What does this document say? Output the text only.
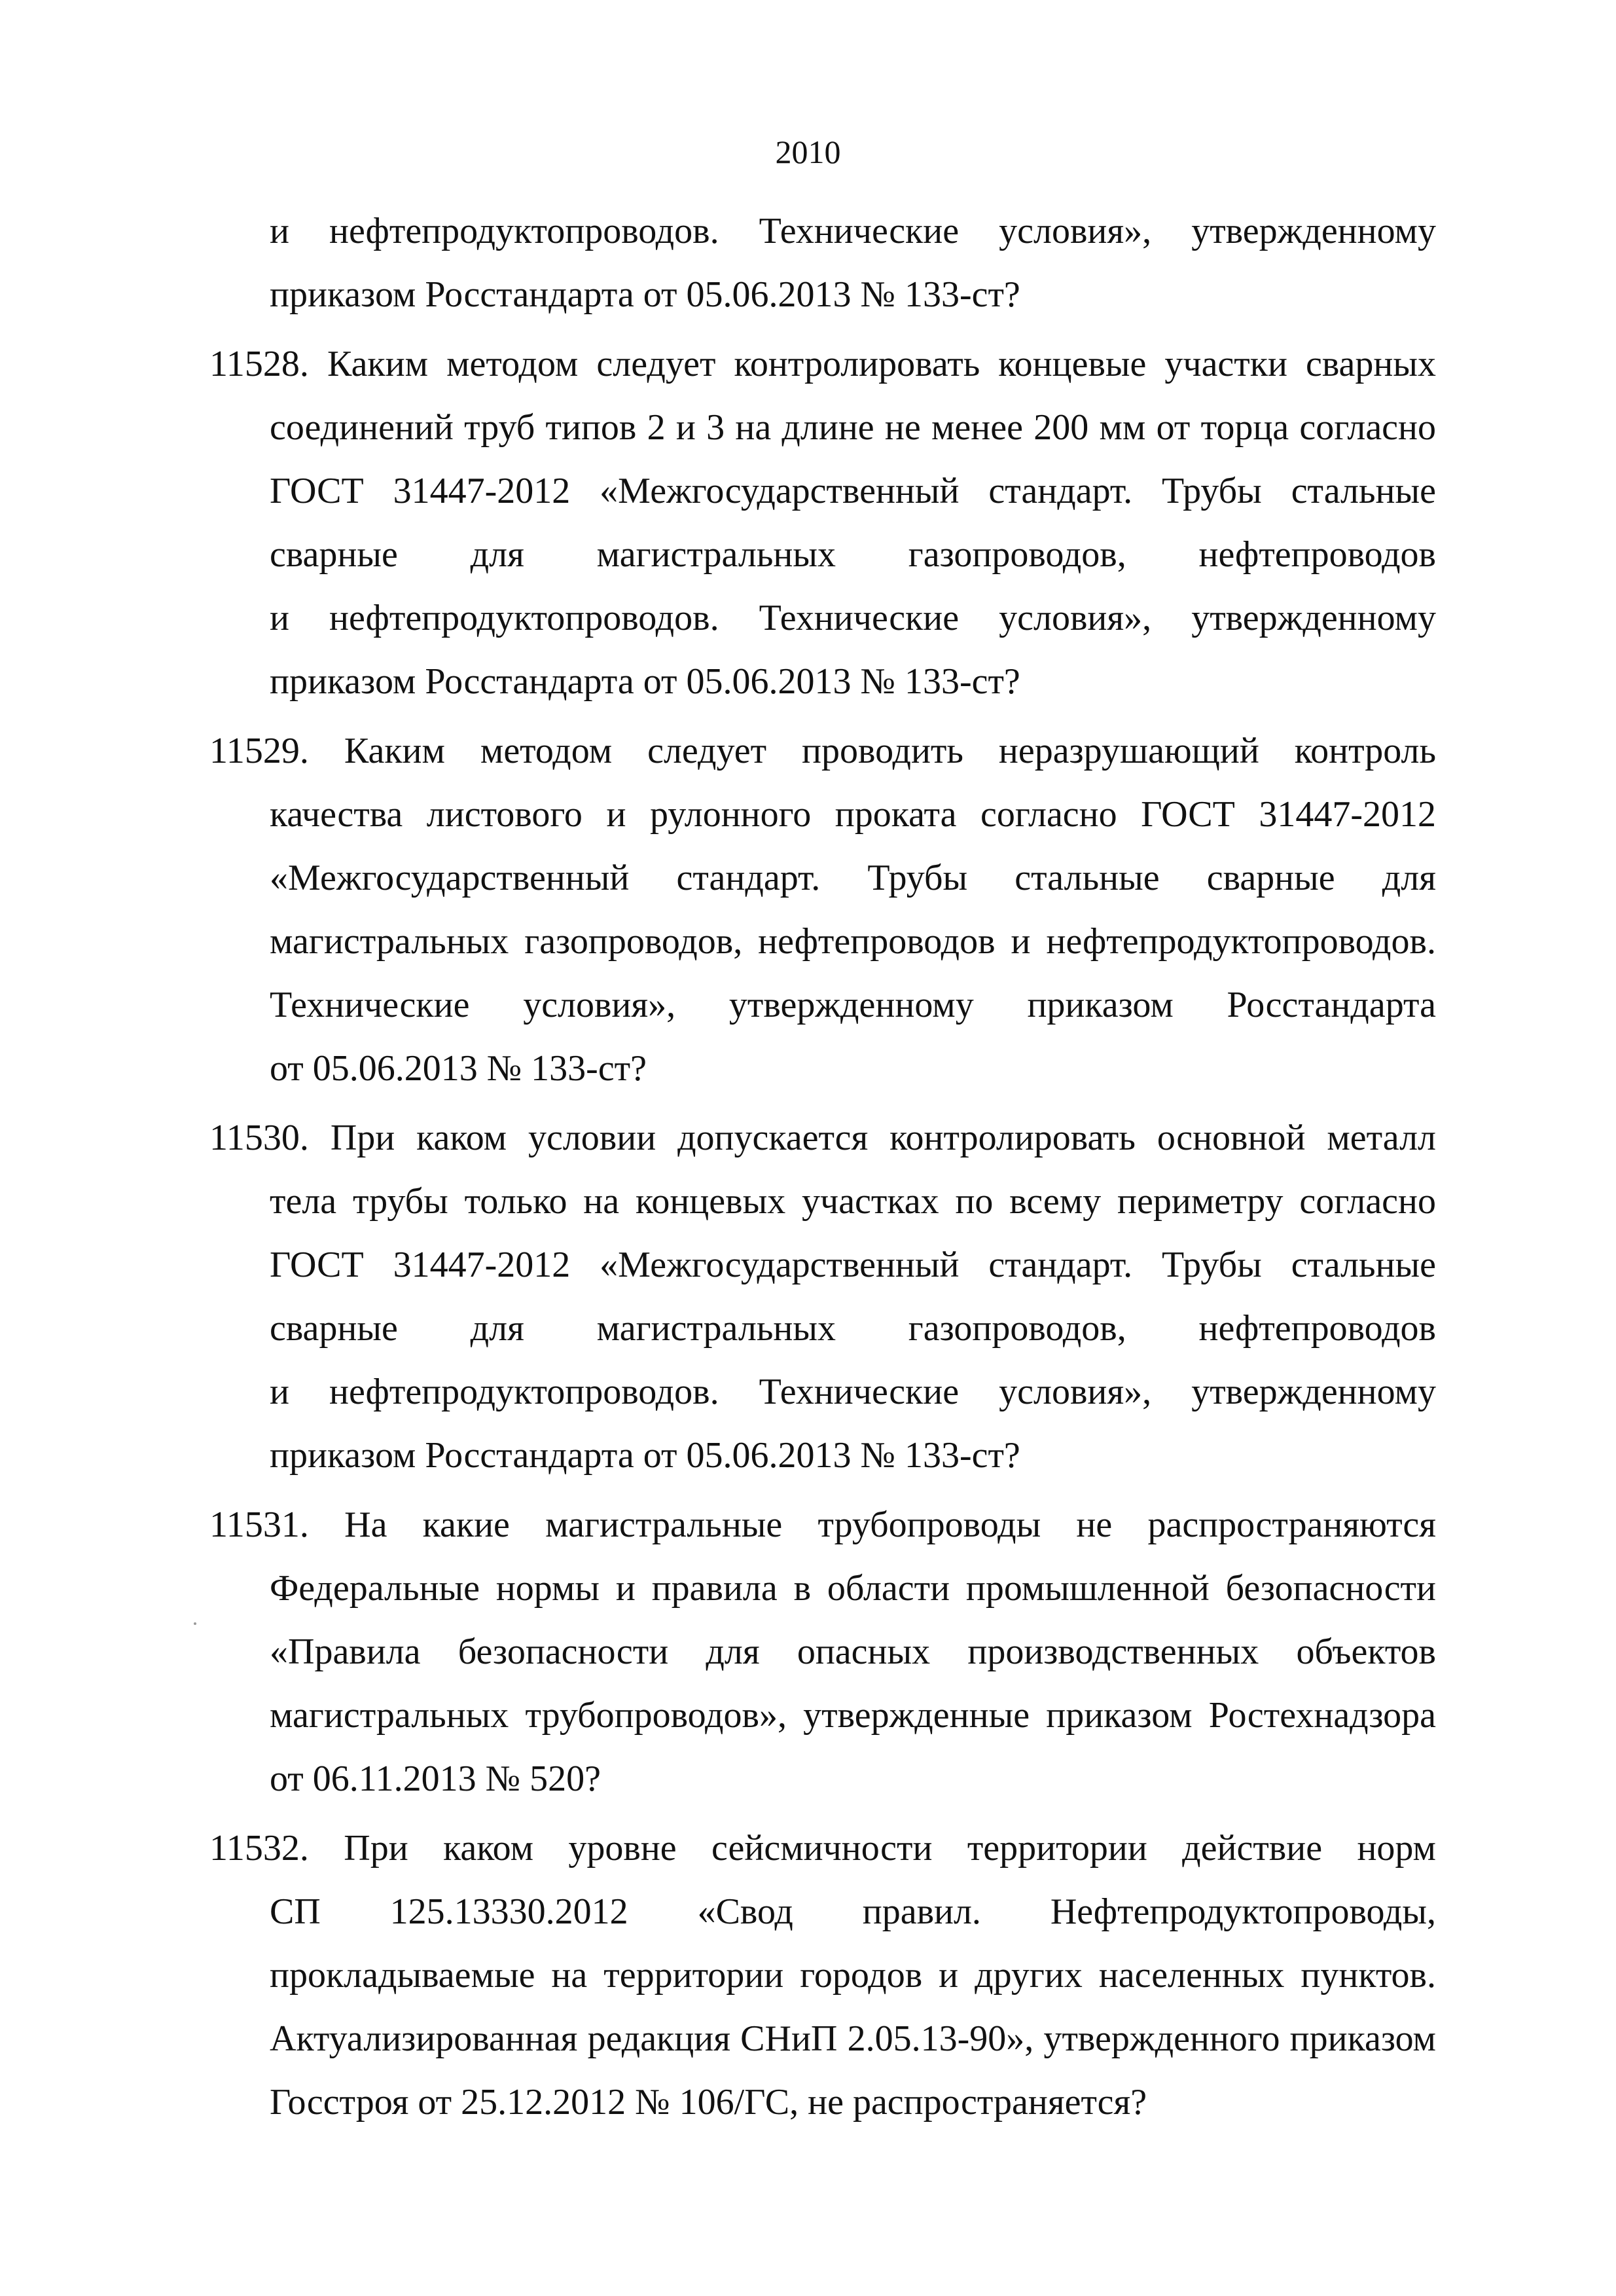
2010
и нефтепродуктопроводов. Технические условия», утвержденному
приказом Росстандарта от 05.06.2013 № 133-ст?
11528. Каким методом следует контролировать концевые участки сварных
соединений труб типов 2 и 3 на длине не менее 200 мм от торца согласно
ГОСТ 31447-2012 «Межгосударственный стандарт. Трубы стальные
сварные для магистральных газопроводов, нефтепроводов
и нефтепродуктопроводов. Технические условия», утвержденному
приказом Росстандарта от 05.06.2013 № 133-ст?
11529. Каким методом следует проводить неразрушающий контроль
качества листового и рулонного проката согласно ГОСТ 31447-2012
«Межгосударственный стандарт. Трубы стальные сварные для
магистральных газопроводов, нефтепроводов и нефтепродуктопроводов.
Технические условия», утвержденному приказом Росстандарта
от 05.06.2013 № 133-ст?
11530. При каком условии допускается контролировать основной металл
тела трубы только на концевых участках по всему периметру согласно
ГОСТ 31447-2012 «Межгосударственный стандарт. Трубы стальные
сварные для магистральных газопроводов, нефтепроводов
и нефтепродуктопроводов. Технические условия», утвержденному
приказом Росстандарта от 05.06.2013 № 133-ст?
11531. На какие магистральные трубопроводы не распространяются
Федеральные нормы и правила в области промышленной безопасности
«Правила безопасности для опасных производственных объектов
магистральных трубопроводов», утвержденные приказом Ростехнадзора
от 06.11.2013 № 520?
11532. При каком уровне сейсмичности территории действие норм
СП 125.13330.2012 «Свод правил. Нефтепродуктопроводы,
прокладываемые на территории городов и других населенных пунктов.
Актуализированная редакция СНиП 2.05.13-90», утвержденного приказом
Госстроя от 25.12.2012 № 106/ГС, не распространяется?
